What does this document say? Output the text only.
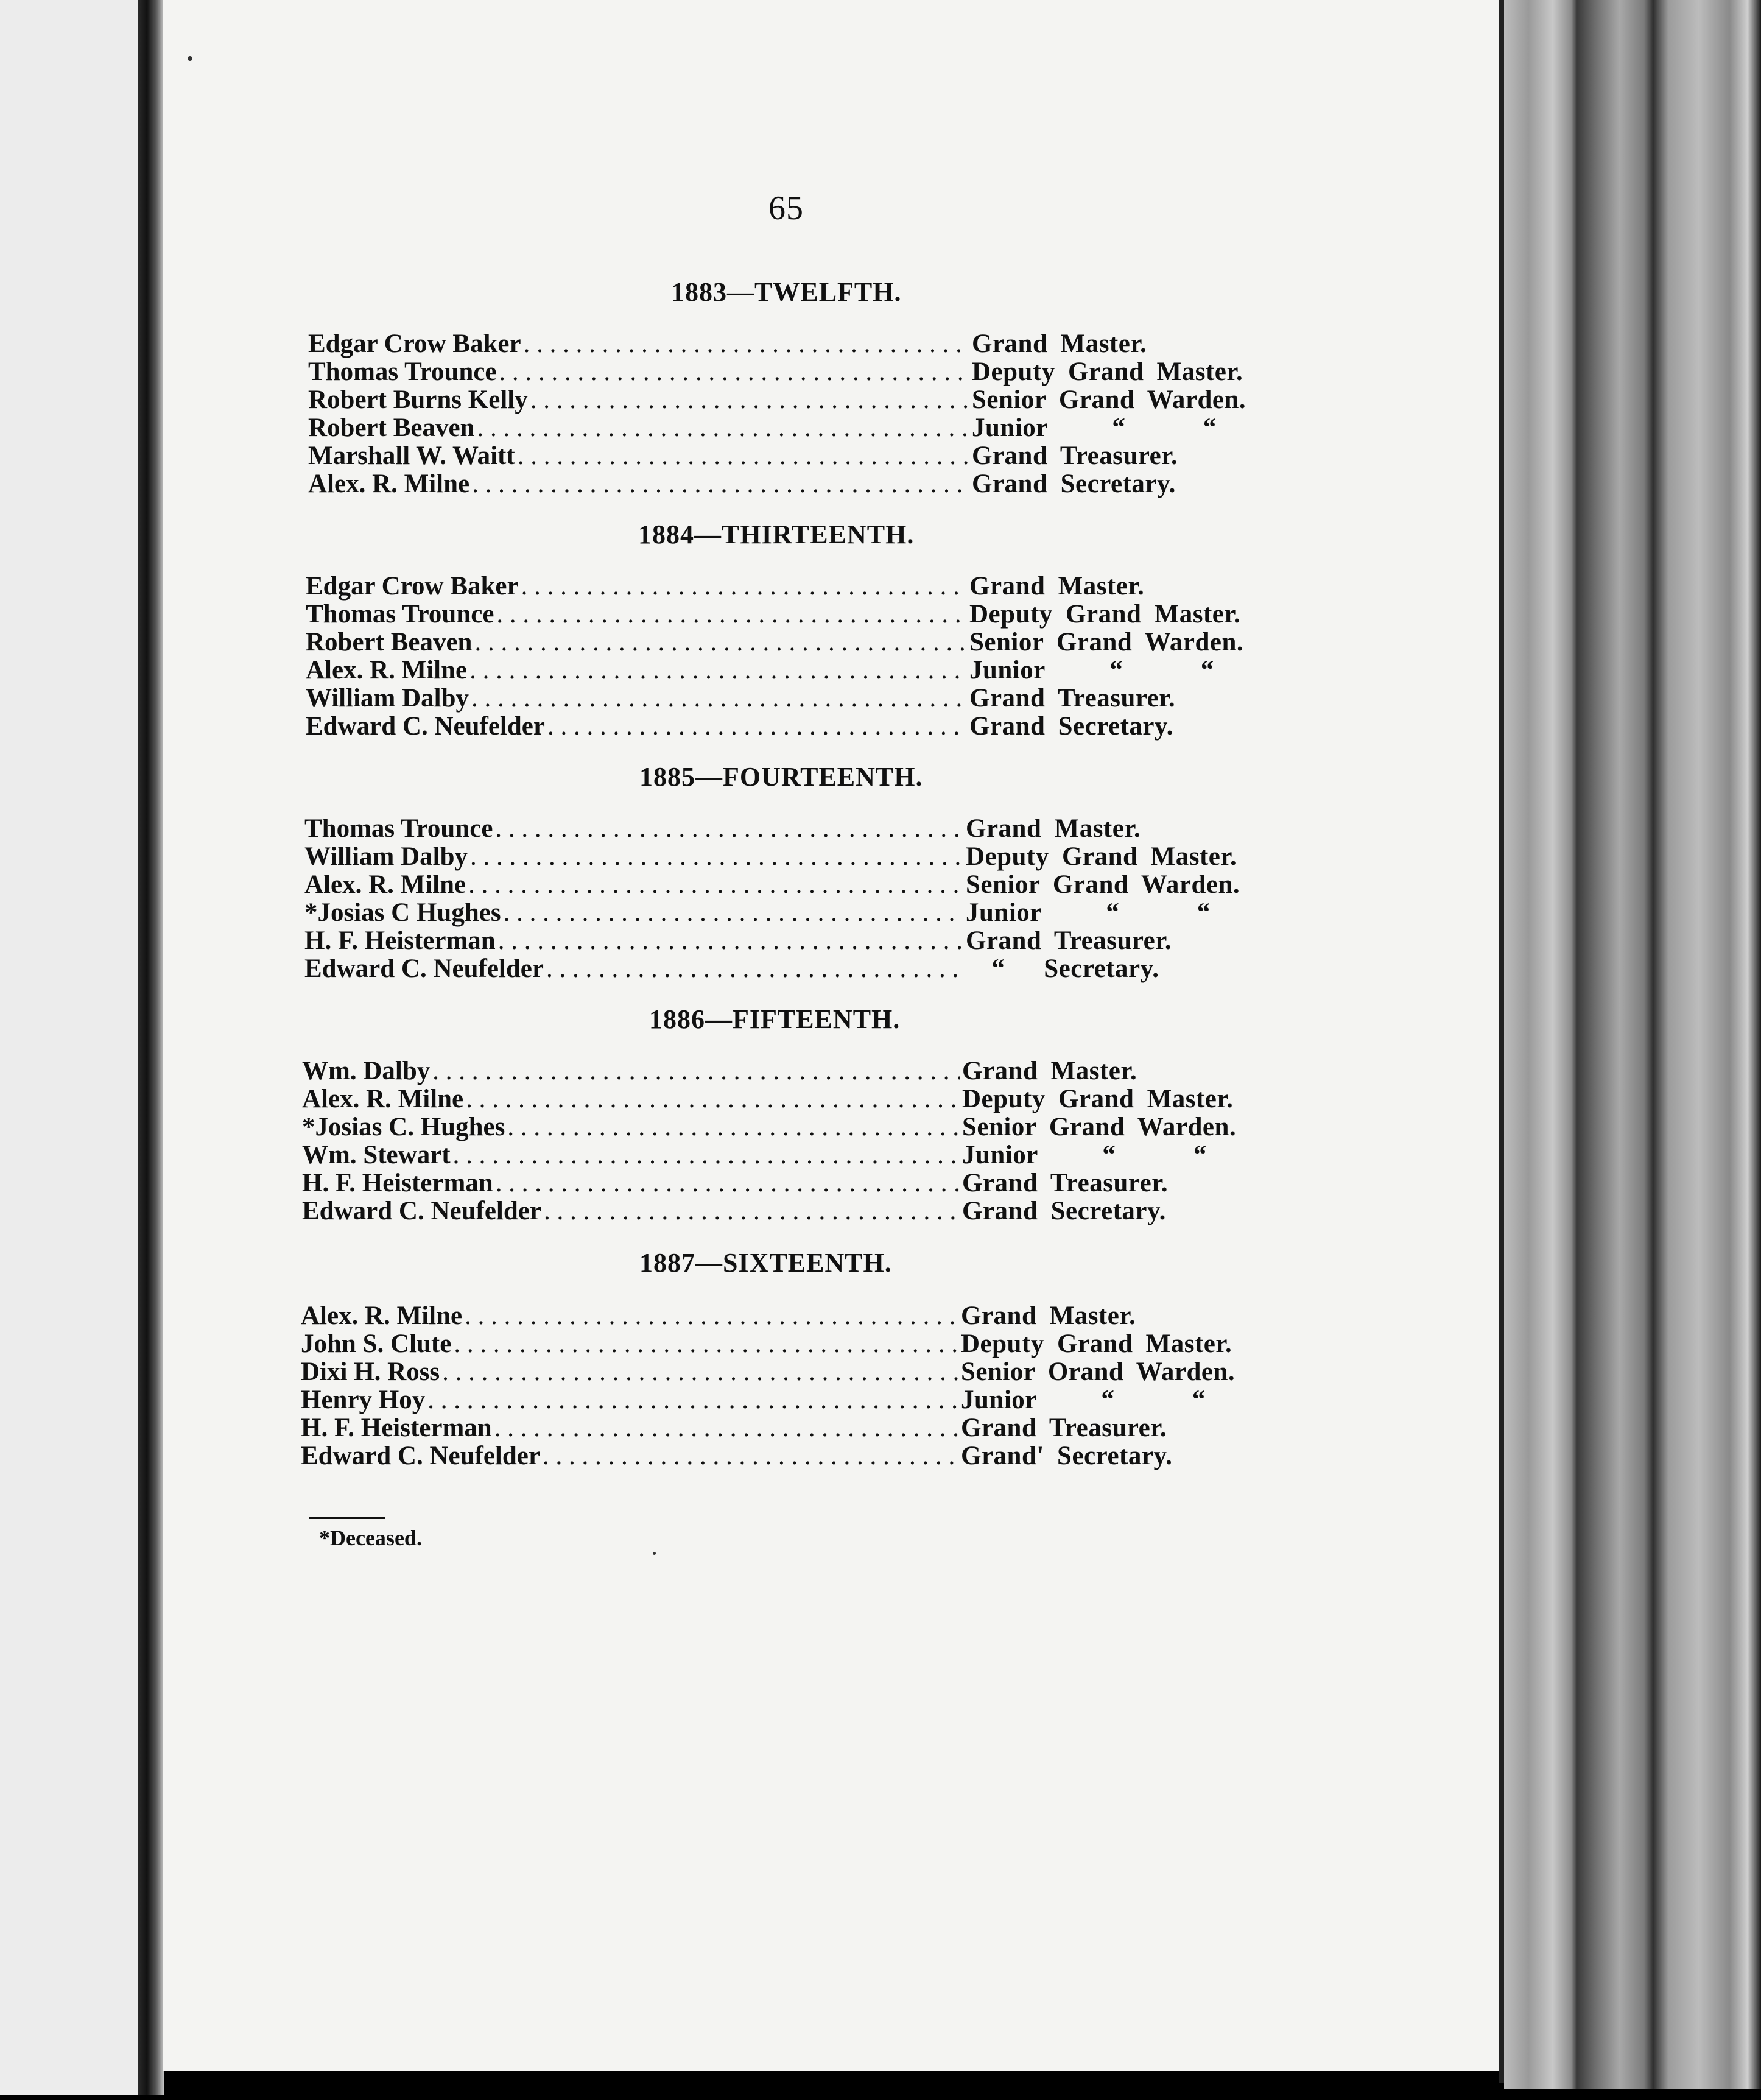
65
1883—TWELFTH.
Edgar Crow Baker . . .	Grand Master.
Thomas Trounce . . .	Deputy Grand Master.
Robert Burns Kelly . . .	Senior Grand Warden.
Robert Beaven . . .	Junior     “      “
Marshall W. Waitt . . .	Grand Treasurer.
Alex. R. Milne . . .	Grand Secretary.
1884—THIRTEENTH.
Edgar Crow Baker . . .	Grand Master.
Thomas Trounce . . .	Deputy Grand Master.
Robert Beaven . . .	Senior Grand Warden.
Alex. R. Milne . . .	Junior     “      “
William Dalby . . .	Grand Treasurer.
Edward C. Neufelder . . .	Grand Secretary.
1885—FOURTEENTH.
Thomas Trounce . . .	Grand Master.
William Dalby . . .	Deputy Grand Master.
Alex. R. Milne . . .	Senior Grand Warden.
*Josias C Hughes . . .	Junior     “      “
H. F. Heisterman . . .	Grand Treasurer.
Edward C. Neufelder . . .	“   Secretary.
1886—FIFTEENTH.
Wm. Dalby . . .	Grand Master.
Alex. R. Milne . . .	Deputy Grand Master.
*Josias C. Hughes . . .	Senior Grand Warden.
Wm. Stewart . . .	Junior     “      “
H. F. Heisterman . . .	Grand Treasurer.
Edward C. Neufelder . . .	Grand Secretary.
1887—SIXTEENTH.
Alex. R. Milne . . .	Grand Master.
John S. Clute . . .	Deputy Grand Master.
Dixi H. Ross . . .	Senior Orand Warden.
Henry Hoy . . .	Junior     “      “
H. F. Heisterman . . .	Grand Treasurer.
Edward C. Neufelder . . .	Grand' Secretary.
*Deceased.
